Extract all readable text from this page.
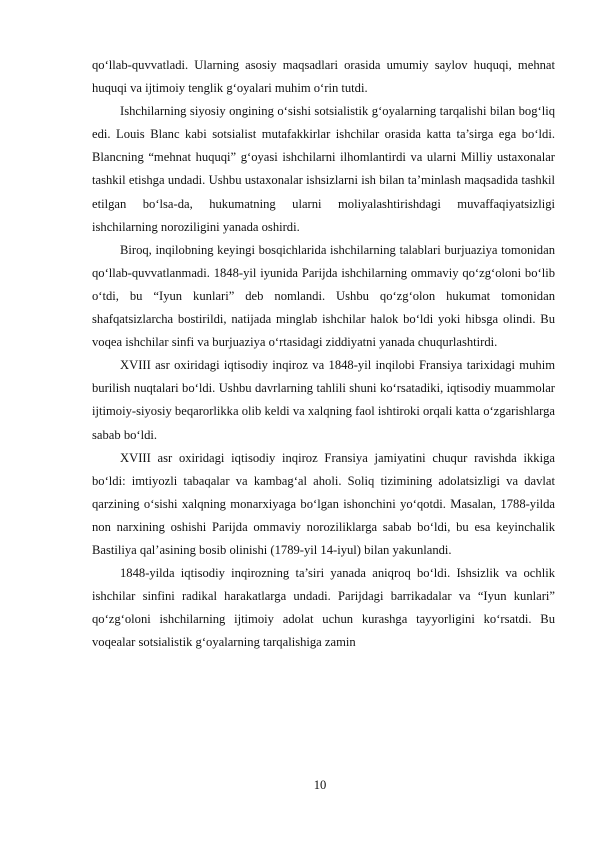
qo‘llab-quvvatladi. Ularning asosiy maqsadlari orasida umumiy saylov huquqi, mehnat huquqi va ijtimoiy tenglik g‘oyalari muhim o‘rin tutdi.

Ishchilarning siyosiy ongining o‘sishi sotsialistik g‘oyalarning tarqalishi bilan bog‘liq edi. Louis Blanc kabi sotsialist mutafakkirlar ishchilar orasida katta ta’sirga ega bo‘ldi. Blancning “mehnat huquqi” g‘oyasi ishchilarni ilhomlantirdi va ularni Milliy ustaxonalar tashkil etishga undadi. Ushbu ustaxonalar ishsizlarni ish bilan ta’minlash maqsadida tashkil etilgan bo‘lsa-da, hukumatning ularni moliyalashtirishdagi muvaffaqiyatsizligi ishchilarning noroziligini yanada oshirdi.

Biroq, inqilobning keyingi bosqichlarida ishchilarning talablari burjuaziya tomonidan qo‘llab-quvvatlanmadi. 1848-yil iyunida Parijda ishchilarning ommaviy qo‘zg‘oloni bo‘lib o‘tdi, bu “Iyun kunlari” deb nomlandi. Ushbu qo‘zg‘olon hukumat tomonidan shafqatsizlarcha bostirildi, natijada minglab ishchilar halok bo‘ldi yoki hibsga olindi. Bu voqea ishchilar sinfi va burjuaziya o‘rtasidagi ziddiyatni yanada chuqurlashtirdi.

XVIII asr oxiridagi iqtisodiy inqiroz va 1848-yil inqilobi Fransiya tarixidagi muhim burilish nuqtalari bo‘ldi. Ushbu davrlarning tahlili shuni ko‘rsatadiki, iqtisodiy muammolar ijtimoiy-siyosiy beqarorlikka olib keldi va xalqning faol ishtiroki orqali katta o‘zgarishlarga sabab bo‘ldi.

XVIII asr oxiridagi iqtisodiy inqiroz Fransiya jamiyatini chuqur ravishda ikkiga bo‘ldi: imtiyozli tabaqalar va kambag‘al aholi. Soliq tizimining adolatsizligi va davlat qarzining o‘sishi xalqning monarxiyaga bo‘lgan ishonchini yo‘qotdi. Masalan, 1788-yilda non narxining oshishi Parijda ommaviy noroziliklarga sabab bo‘ldi, bu esa keyinchalik Bastiliya qal’asining bosib olinishi (1789-yil 14-iyul) bilan yakunlandi.

1848-yilda iqtisodiy inqirozning ta’siri yanada aniqroq bo‘ldi. Ishsizlik va ochlik ishchilar sinfini radikal harakatlarga undadi. Parijdagi barrikadalar va “Iyun kunlari” qo‘zg‘oloni ishchilarning ijtimoiy adolat uchun kurashga tayyorligini ko‘rsatdi. Bu voqealar sotsialistik g‘oyalarning tarqalishiga zamin

10
